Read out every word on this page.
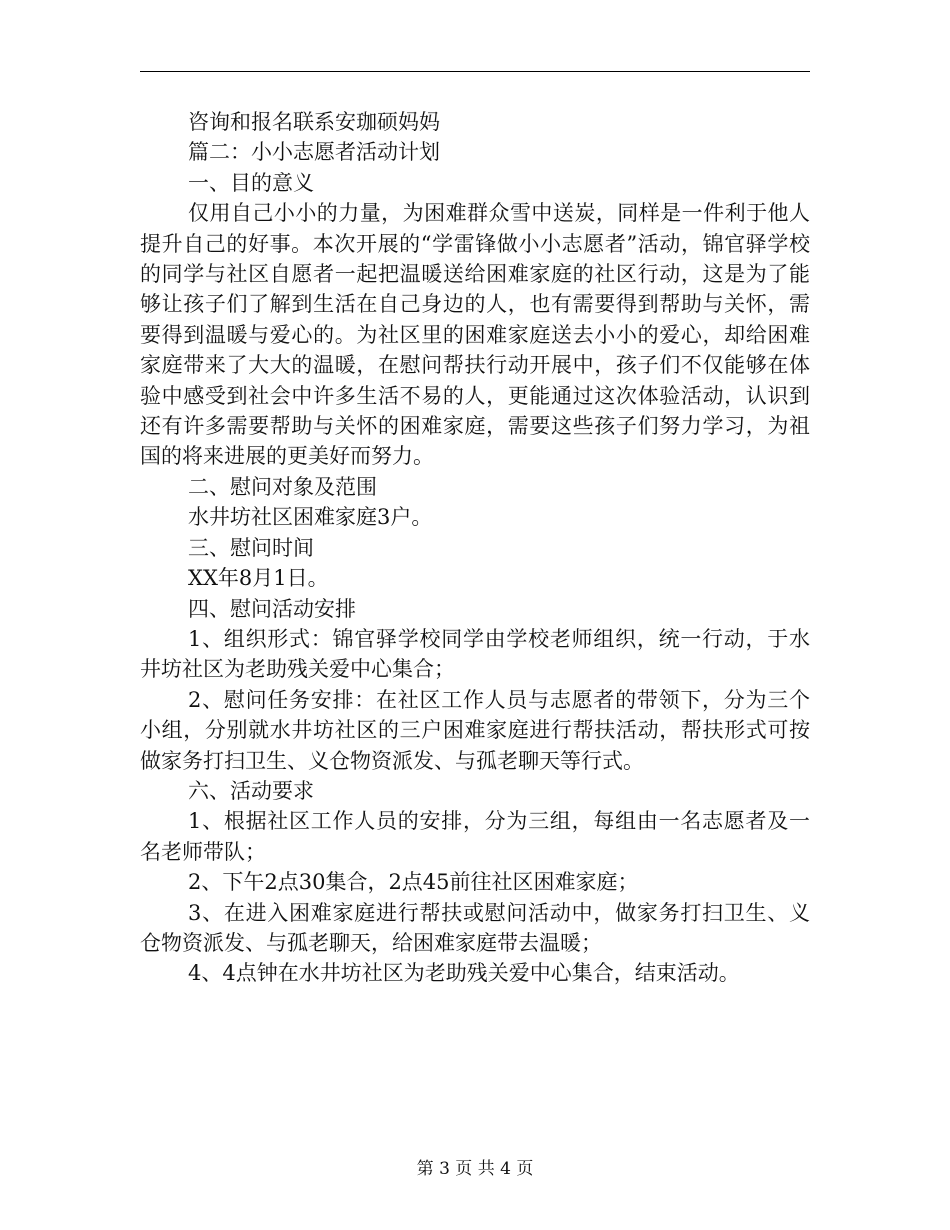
咨询和报名联系安珈硕妈妈

篇二：小小志愿者活动计划

一、目的意义

仅用自己小小的力量，为困难群众雪中送炭，同样是一件利于他人提升自己的好事。本次开展的“学雷锋做小小志愿者”活动，锦官驿学校的同学与社区自愿者一起把温暖送给困难家庭的社区行动，这是为了能够让孩子们了解到生活在自己身边的人，也有需要得到帮助与关怀，需要得到温暖与爱心的。为社区里的困难家庭送去小小的爱心，却给困难家庭带来了大大的温暖，在慰问帮扶行动开展中，孩子们不仅能够在体验中感受到社会中许多生活不易的人，更能通过这次体验活动，认识到还有许多需要帮助与关怀的困难家庭，需要这些孩子们努力学习，为祖国的将来进展的更美好而努力。

二、慰问对象及范围

水井坊社区困难家庭3户。

三、慰问时间

XX年8月1日。

四、慰问活动安排

1、组织形式：锦官驿学校同学由学校老师组织，统一行动，于水井坊社区为老助残关爱中心集合；

2、慰问任务安排：在社区工作人员与志愿者的带领下，分为三个小组，分别就水井坊社区的三户困难家庭进行帮扶活动，帮扶形式可按做家务打扫卫生、义仓物资派发、与孤老聊天等行式。

六、活动要求

1、根据社区工作人员的安排，分为三组，每组由一名志愿者及一名老师带队；

2、下午2点30集合，2点45前往社区困难家庭；

3、在进入困难家庭进行帮扶或慰问活动中，做家务打扫卫生、义仓物资派发、与孤老聊天，给困难家庭带去温暖；

4、4点钟在水井坊社区为老助残关爱中心集合，结束活动。

第 3 页 共 4 页
